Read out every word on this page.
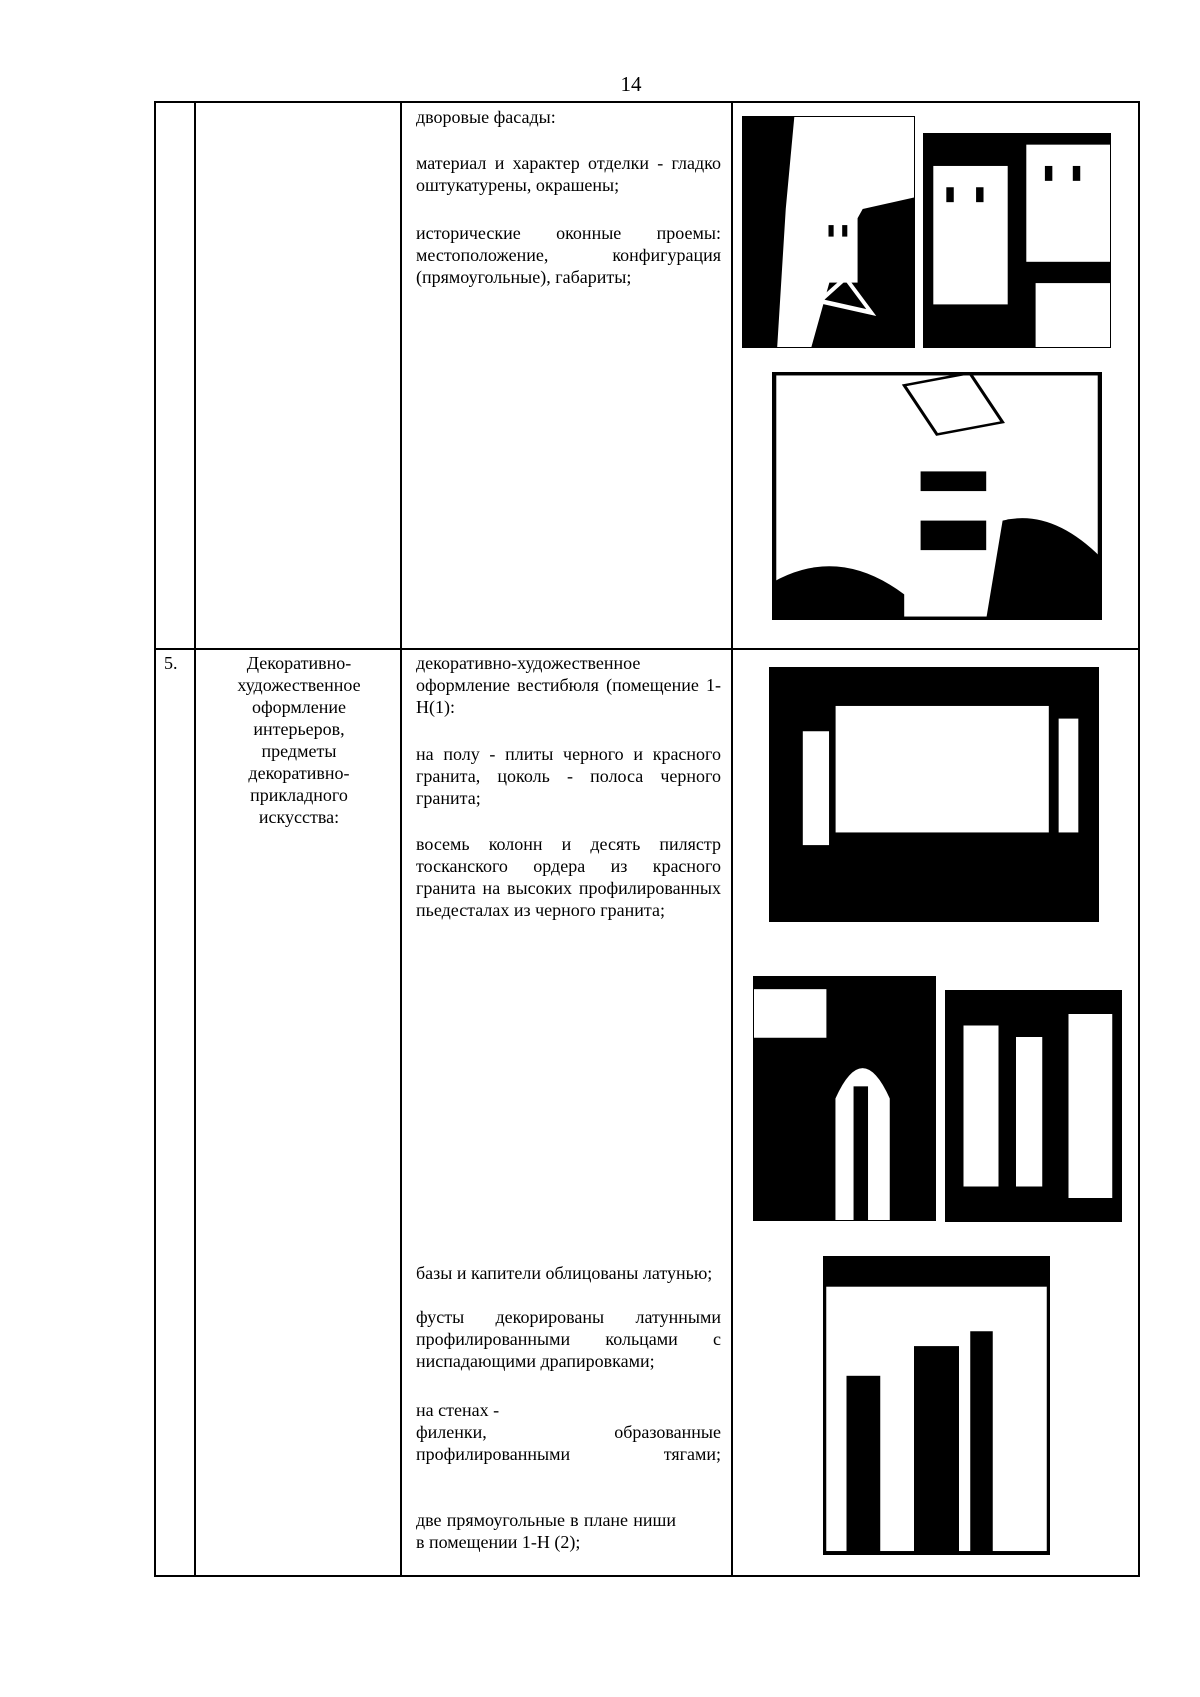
14
дворовые фасады:
материал и характер отделки - гладко оштукатурены, окрашены;
исторические оконные проемы: местоположение, конфигурация (прямоугольные), габариты;
5.	Декоративно-художественное оформление интерьеров, предметы декоративно-прикладного искусства:
декоративно-художественное оформление вестибюля (помещение 1-Н(1):
на полу - плиты черного и красного гранита, цоколь - полоса черного гранита;
восемь колонн и десять пилястр тосканского ордера из красного гранита на высоких профилированных пьедесталах из черного гранита;
базы и капители облицованы латунью;
фусты декорированы латунными профилированными кольцами с ниспадающими драпировками;
на стенах -
филенки, образованные профилированными тягами;
две прямоугольные в плане ниши в помещении 1-Н (2);
